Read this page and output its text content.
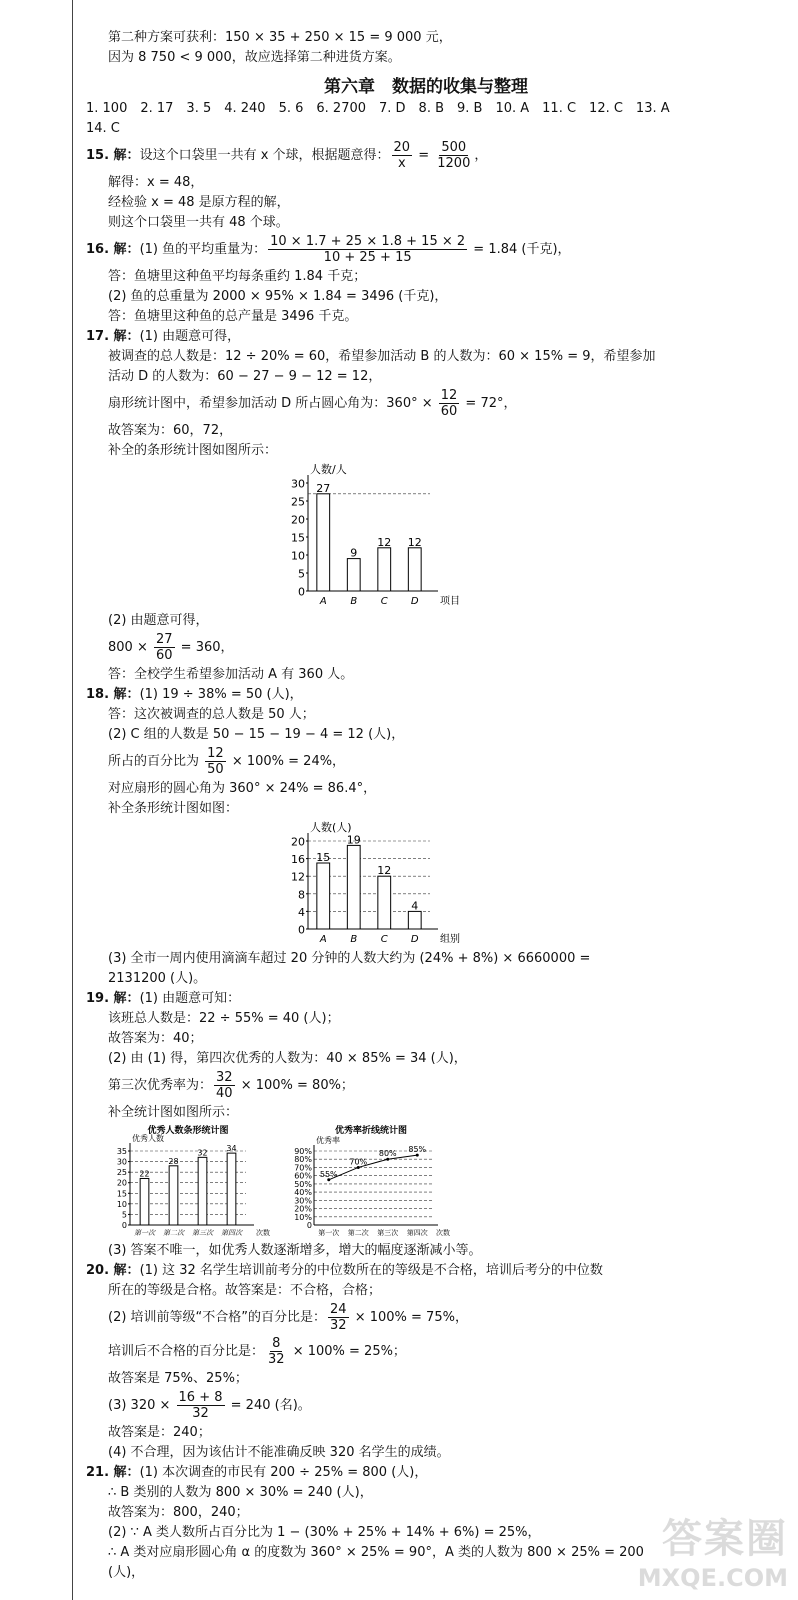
第二种方案可获利：150 × 35 + 250 × 15 = 9 000 元，
因为 8 750 < 9 000，故应选择第二种进货方案。
第六章　数据的收集与整理
1. 100　2. 17　3. 5　4. 240　5. 6　6. 2700　7. D　8. B　9. B　10. A　11. C　12. C　13. A
14. C
15. 解：设这个口袋里一共有 x 个球，根据题意得： $\frac{20}{x} = \frac{500}{1200}$ ，
解得：x = 48，
经检验 x = 48 是原方程的解，
则这个口袋里一共有 48 个球。
16. 解：(1) 鱼的平均重量为： $\frac{10 \times 1.7 + 25 \times 1.8 + 15 \times 2}{10 + 25 + 15} = 1.84$ (千克)，
答：鱼塘里这种鱼平均每条重约 1.84 千克；
(2) 鱼的总重量为 2000 × 95% × 1.84 = 3496 (千克)，
答：鱼塘里这种鱼的总产量是 3496 千克。
17. 解：(1) 由题意可得，
被调查的总人数是：12 ÷ 20% = 60，希望参加活动 B 的人数为：60 × 15% = 9，希望参加
活动 D 的人数为：60 − 27 − 9 − 12 = 12，
扇形统计图中，希望参加活动 D 所占圆心角为：$360^\circ \times \frac{12}{60} = 72^\circ$，
故答案为：60，72，
补全的条形统计图如图所示：
0
5
10
15
20
25
30
人数/人
项目
27
A
9
B
12
C
12
D
(2) 由题意可得，
$800 \times \frac{27}{60} = 360$，
答：全校学生希望参加活动 A 有 360 人。
18. 解：(1) 19 ÷ 38% = 50 (人)，
答：这次被调查的总人数是 50 人；
(2) C 组的人数是 50 − 15 − 19 − 4 = 12 (人)，
所占的百分比为 $\frac{12}{50} \times 100\% = 24\%$，
对应扇形的圆心角为 360° × 24% = 86.4°，
补全条形统计图如图：
0
4
8
12
16
20
人数(人)
组别
15
A
19
B
12
C
4
D
(3) 全市一周内使用滴滴车超过 20 分钟的人数大约为 (24% + 8%) × 6660000 =
2131200 (人)。
19. 解：(1) 由题意可知：
该班总人数是：22 ÷ 55% = 40 (人)；
故答案为：40；
(2) 由 (1) 得，第四次优秀的人数为：40 × 85% = 34 (人)，
第三次优秀率为： $\frac{32}{40} \times 100\% = 80\%$；
补全统计图如图所示：
优秀人数条形统计图
0
5
10
15
20
25
30
35
优秀人数
次数
22
第一次
28
第二次
32
第三次
34
第四次
优秀率折线统计图
0
10%
20%
30%
40%
50%
60%
70%
80%
90%
优秀率
次数
55%
第一次
70%
第二次
80%
第三次
85%
第四次
(3) 答案不唯一，如优秀人数逐渐增多，增大的幅度逐渐减小等。
20. 解：(1) 这 32 名学生培训前考分的中位数所在的等级是不合格，培训后考分的中位数
所在的等级是合格。故答案是：不合格，合格；
(2) 培训前等级“不合格”的百分比是： $\frac{24}{32} \times 100\% = 75\%$，
培训后不合格的百分比是： $\frac{8}{32} \times 100\% = 25\%$；
故答案是 75%、25%；
(3) $320 \times \frac{16 + 8}{32} = 240$ (名)。
故答案是：240；
(4) 不合理，因为该估计不能准确反映 320 名学生的成绩。
21. 解：(1) 本次调查的市民有 200 ÷ 25% = 800 (人)，
∴ B 类别的人数为 800 × 30% = 240 (人)，
故答案为：800，240；
(2) ∵ A 类人数所占百分比为 1 − (30% + 25% + 14% + 6%) = 25%，
∴ A 类对应扇形圆心角 α 的度数为 360° × 25% = 90°，A 类的人数为 800 × 25% = 200
(人)，
答案圈
MXQE.COM
